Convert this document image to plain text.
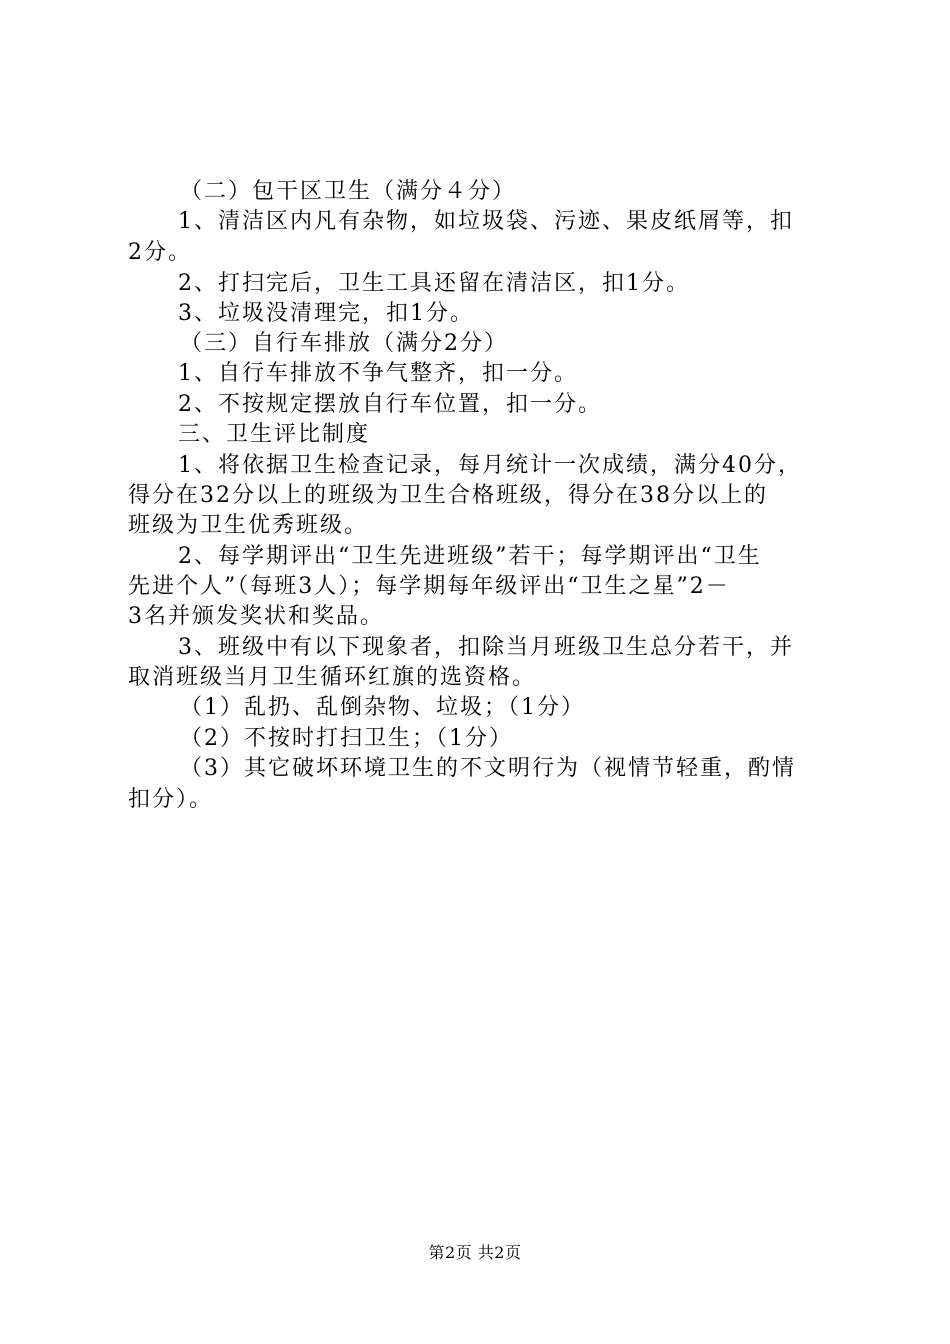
（二）包干区卫生（满分４分）
1、清洁区内凡有杂物，如垃圾袋、污迹、果皮纸屑等，扣
2分。
2、打扫完后，卫生工具还留在清洁区，扣1分。
3、垃圾没清理完，扣1分。
（三）自行车排放（满分2分）
1、自行车排放不争气整齐，扣一分。
2、不按规定摆放自行车位置，扣一分。
三、卫生评比制度
1、将依据卫生检查记录，每月统计一次成绩，满分40分，
得分在32分以上的班级为卫生合格班级，得分在38分以上的
班级为卫生优秀班级。
2、每学期评出“卫生先进班级”若干；每学期评出“卫生
先进个人”（每班3人）；每学期每年级评出“卫生之星”2－
3名并颁发奖状和奖品。
3、班级中有以下现象者，扣除当月班级卫生总分若干，并
取消班级当月卫生循环红旗的选资格。
（1）乱扔、乱倒杂物、垃圾；（1分）
（2）不按时打扫卫生；（1分）
（3）其它破坏环境卫生的不文明行为（视情节轻重，酌情
扣分）。
第2页 共2页
